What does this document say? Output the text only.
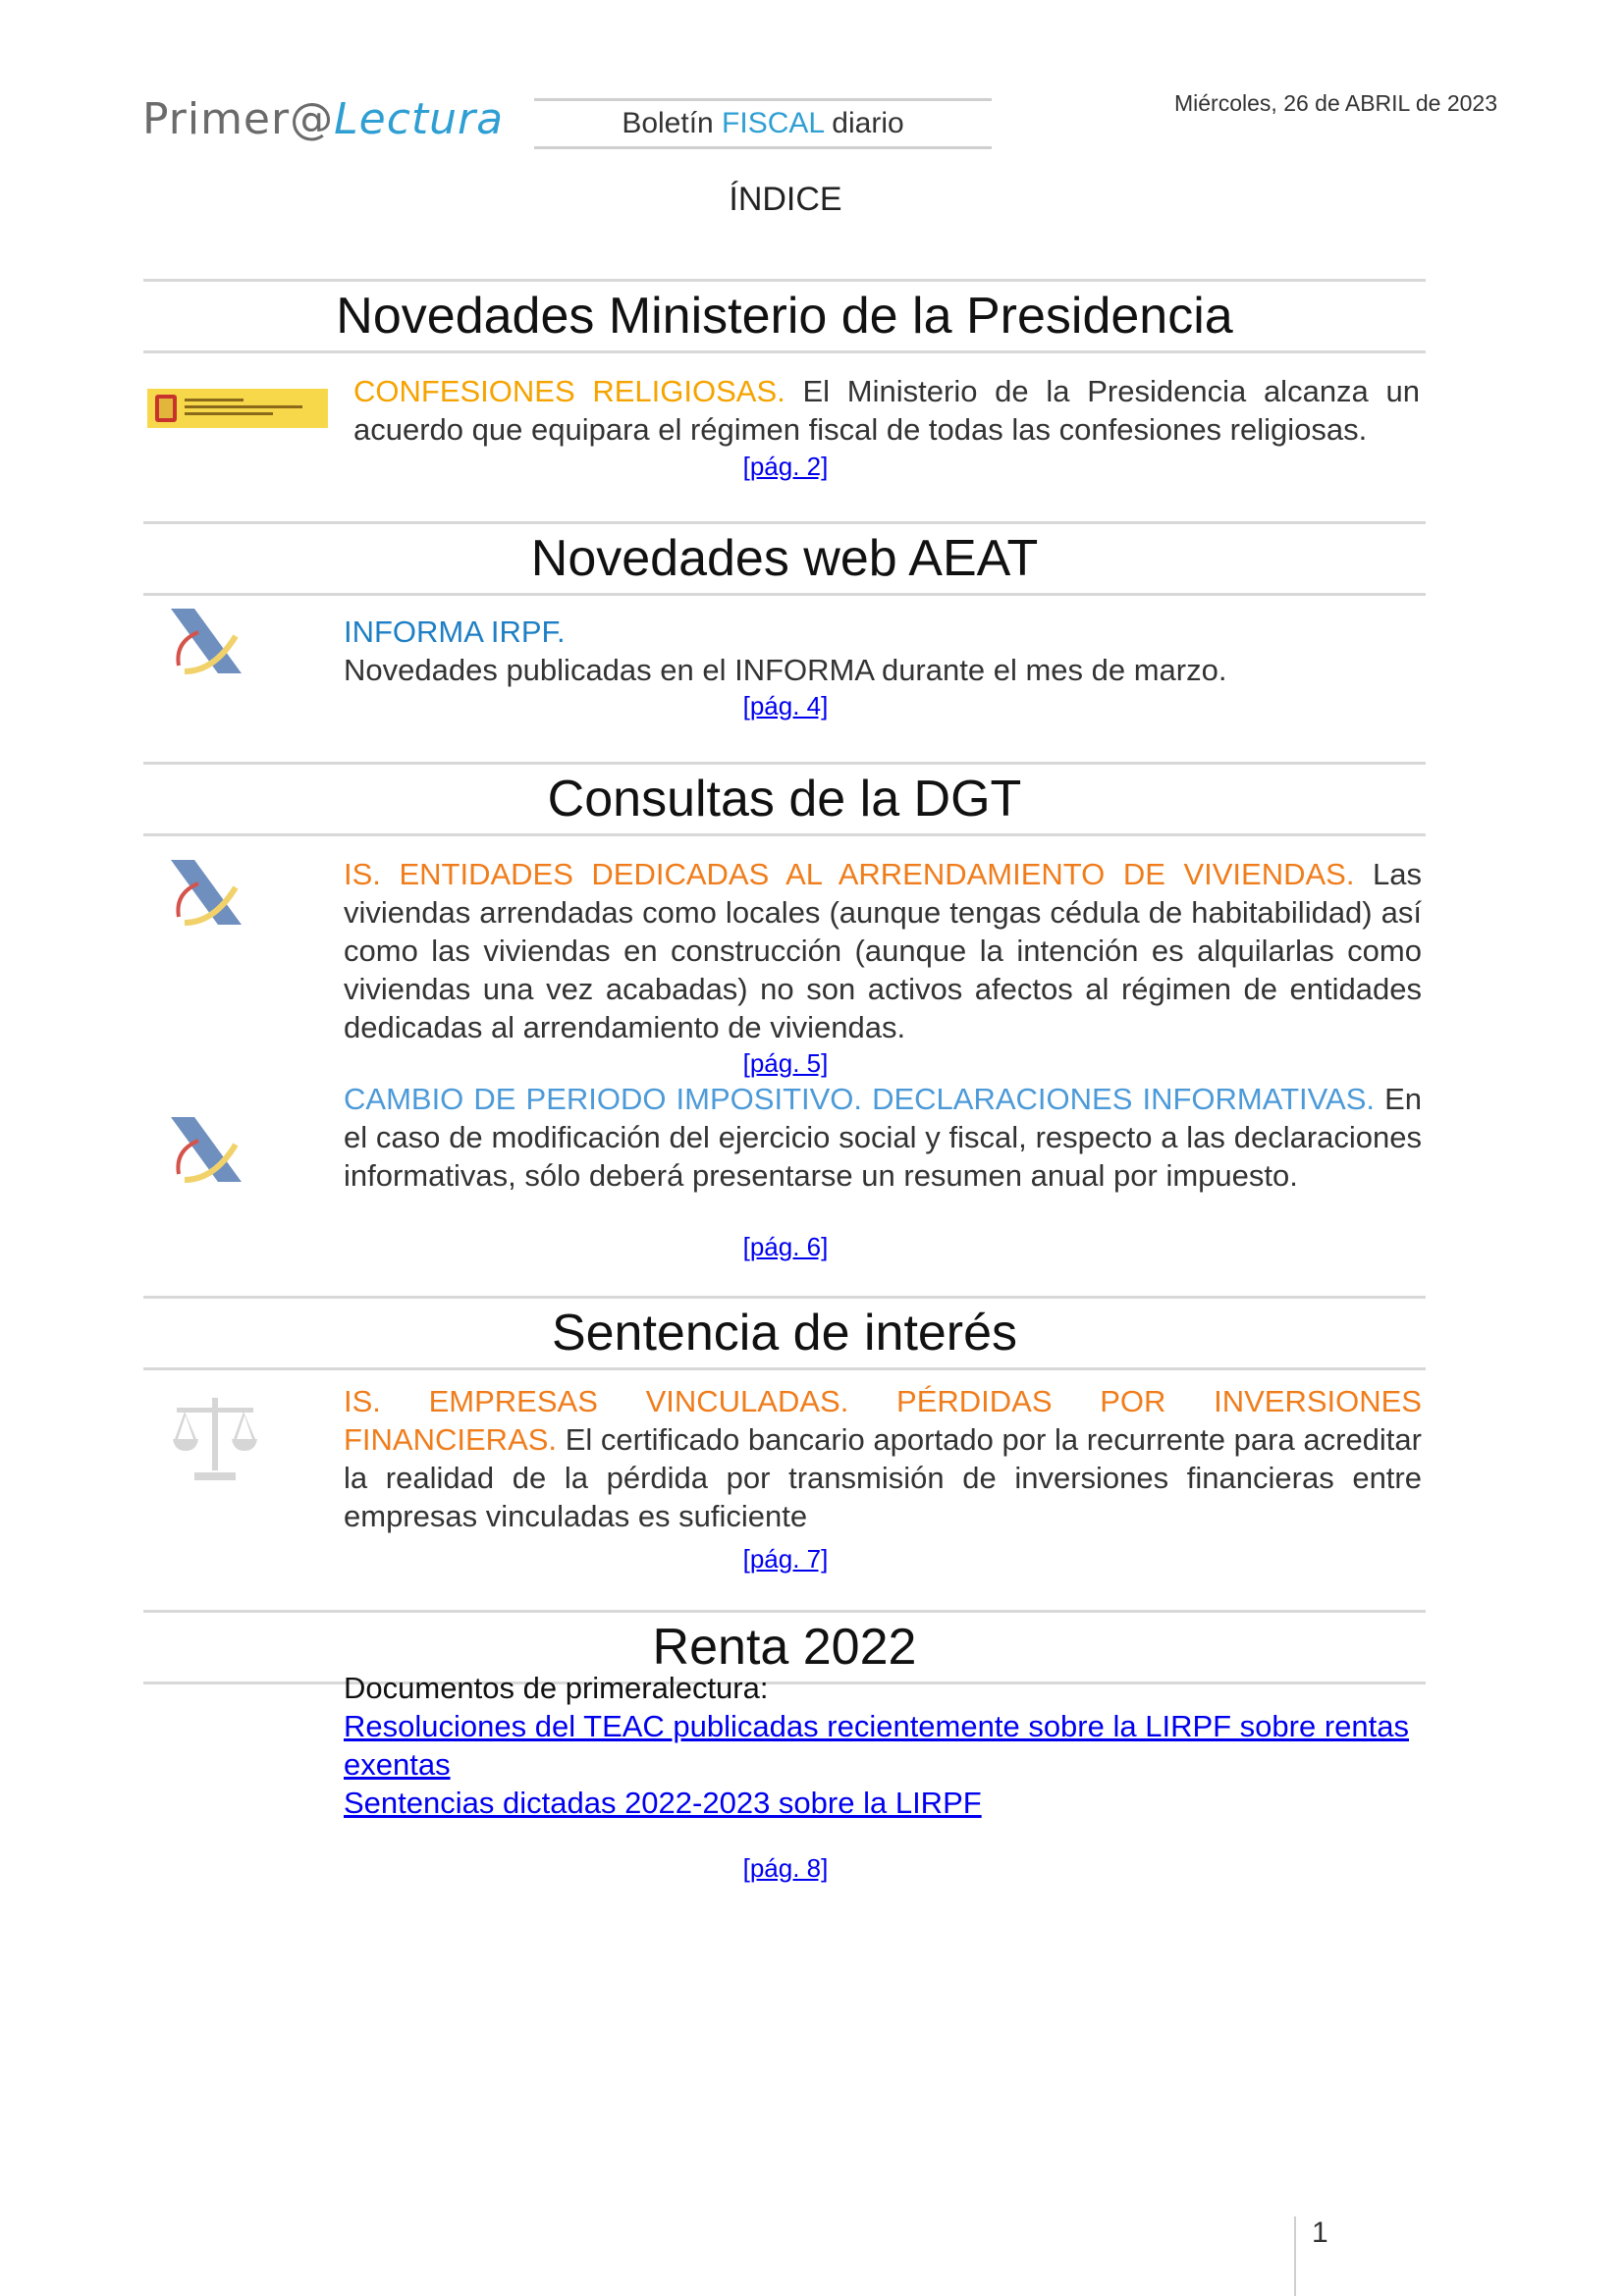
Primer@Lectura	Boletín FISCAL diario
Miércoles, 26 de ABRIL de 2023
ÍNDICE
Novedades Ministerio de la Presidencia
CONFESIONES RELIGIOSAS. El Ministerio de la Presidencia alcanza un acuerdo que equipara el régimen fiscal de todas las confesiones religiosas.
[pág. 2]
Novedades web AEAT
INFORMA IRPF.
Novedades publicadas en el INFORMA durante el mes de marzo.
[pág. 4]
Consultas de la DGT
IS. ENTIDADES DEDICADAS AL ARRENDAMIENTO DE VIVIENDAS. Las viviendas arrendadas como locales (aunque tengas cédula de habitabilidad) así como las viviendas en construcción (aunque la intención es alquilarlas como viviendas una vez acabadas) no son activos afectos al régimen de entidades dedicadas al arrendamiento de viviendas.
[pág. 5]
CAMBIO DE PERIODO IMPOSITIVO. DECLARACIONES INFORMATIVAS. En el caso de modificación del ejercicio social y fiscal, respecto a las declaraciones informativas, sólo deberá presentarse un resumen anual por impuesto.
[pág. 6]
Sentencia de interés
IS. EMPRESAS VINCULADAS. PÉRDIDAS POR INVERSIONES FINANCIERAS. El certificado bancario aportado por la recurrente para acreditar la realidad de la pérdida por transmisión de inversiones financieras entre empresas vinculadas es suficiente
[pág. 7]
Renta 2022
Documentos de primeralectura:
Resoluciones del TEAC publicadas recientemente sobre la LIRPF sobre rentas exentas
Sentencias dictadas 2022-2023 sobre la LIRPF
[pág. 8]
1
